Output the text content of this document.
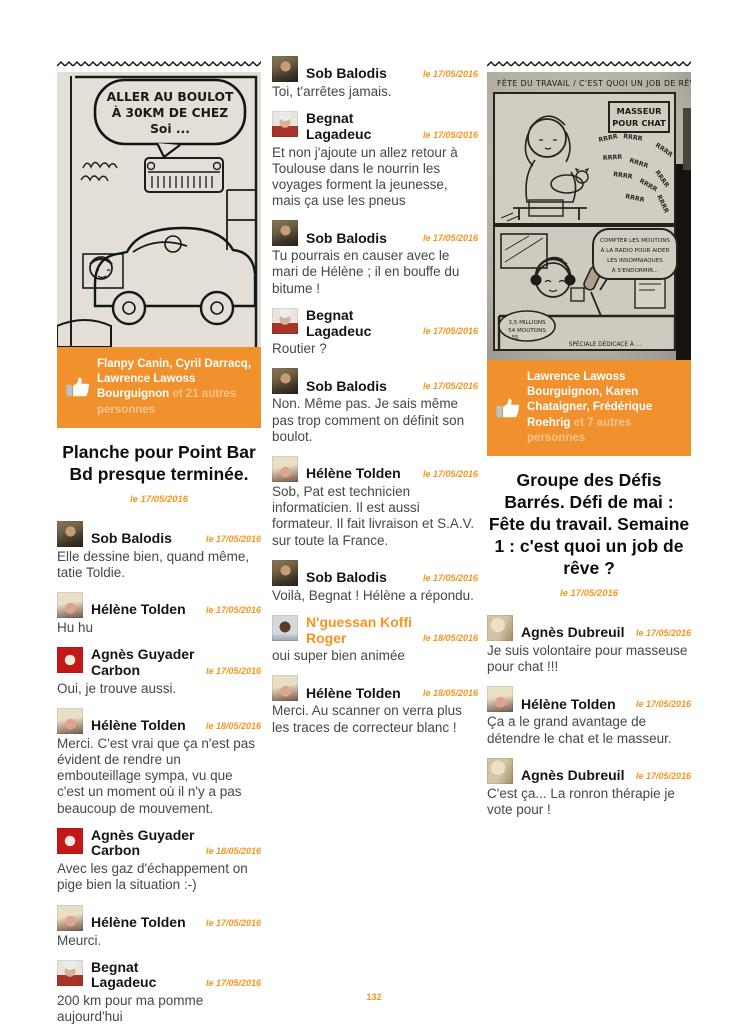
ALLER AU BOULOT
À 30KM DE CHEZ
Soi ...
Flanpy Canin, Cyril Darracq, Lawrence Lawoss Bourguignon et 21 autres personnes
Planche pour Point Bar Bd presque terminée.
le 17/05/2016
Sob Balodis	le 17/05/2016
Elle dessine bien, quand même, tatie Toldie.
Hélène Tolden le 17/05/2016
Hu hu
Agnès Guyader Carbon	le 17/05/2016
Oui, je trouve aussi.
Hélène Tolden le 18/05/2016
Merci. C'est vrai que ça n'est pas évident de rendre un embouteillage sympa, vu que c'est un moment où il n'y a pas beaucoup de mouvement.
Agnès Guyader Carbon	le 18/05/2016
Avec les gaz d'échappement on pige bien la situation :-)
Hélène Tolden le 17/05/2016
Meurci.
Begnat Lagadeuc	le 17/05/2016
200 km pour ma pomme aujourd'hui
Sob Balodis	le 17/05/2016
Toi, t'arrêtes jamais.
Begnat Lagadeuc	le 17/05/2016
Et non j'ajoute un allez retour à Toulouse dans le nourrin les voyages forment la jeunesse, mais ça use les pneus
Sob Balodis	le 17/05/2016
Tu pourrais en causer avec le mari de Hélène ; il en bouffe du bitume !
Begnat Lagadeuc	le 17/05/2016
Routier ?
Sob Balodis	le 17/05/2016
Non. Même pas. Je sais même pas trop comment on définit son boulot.
Hélène Tolden le 17/05/2016
Sob, Pat est technicien informaticien. Il est aussi formateur. Il fait livraison et S.A.V. sur toute la France.
Sob Balodis	le 17/05/2016
Voilà, Begnat ! Hélène a répondu.
N'guessan Koffi Roger	le 18/05/2016
oui super bien animée
Hélène Tolden le 18/05/2016
Merci. Au scanner on verra plus les traces de correcteur blanc !
FÊTE DU TRAVAIL / C'EST QUOI UN JOB DE RÊVE ?
MASSEUR
POUR CHAT
RRRR RRRR
RRRR
RRRR RRRR
RRRR
RRRR
RRRR
RRRR
RRRR
COMPTER LES MOUTONS
À LA RADIO POUR AIDER
LES INSOMNIAQUES
À S'ENDORMIR...
3,5 MILLIONS
54 MOUTONS
55
SPÉCIALE DÉDICACE À ...
Lawrence Lawoss Bourguignon, Karen Chataigner, Frédérique Roehrig et 7 autres personnes
Groupe des Défis Barrés. Défi de mai : Fête du travail. Semaine 1 : c'est quoi un job de rêve ?
le 17/05/2016
Agnès Dubreuil le 17/05/2016
Je suis volontaire pour masseuse pour chat !!!
Hélène Tolden le 17/05/2016
Ça a le grand avantage de détendre le chat et le masseur.
Agnès Dubreuil le 17/05/2016
C'est ça... La ronron thérapie je vote pour !
132
